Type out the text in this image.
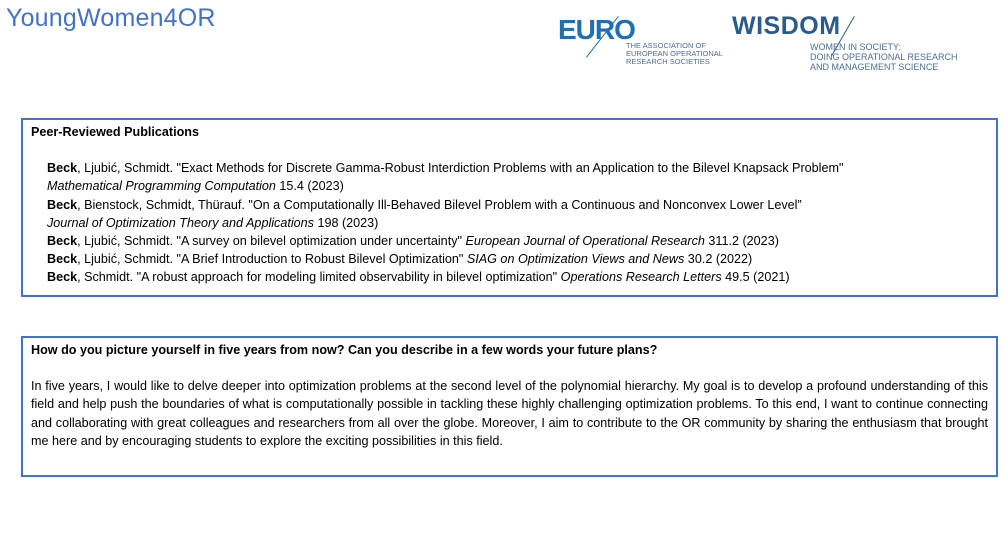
YoungWomen4OR	EURO
THE ASSOCIATION OF
EUROPEAN OPERATIONAL
RESEARCH SOCIETIES
WISDOM
WOMEN IN SOCIETY:
DOING OPERATIONAL RESEARCH
AND MANAGEMENT SCIENCE
Peer-Reviewed Publications
Beck, Ljubić, Schmidt. "Exact Methods for Discrete Gamma-Robust Interdiction Problems with an Application to the Bilevel Knapsack Problem"
Mathematical Programming Computation 15.4 (2023)
Beck, Bienstock, Schmidt, Thürauf. "On a Computationally Ill-Behaved Bilevel Problem with a Continuous and Nonconvex Lower Level”
Journal of Optimization Theory and Applications 198 (2023)
Beck, Ljubić, Schmidt. "A survey on bilevel optimization under uncertainty" European Journal of Operational Research 311.2 (2023)
Beck, Ljubić, Schmidt. "A Brief Introduction to Robust Bilevel Optimization" SIAG on Optimization Views and News 30.2 (2022)
Beck, Schmidt. "A robust approach for modeling limited observability in bilevel optimization" Operations Research Letters 49.5 (2021)
How do you picture yourself in five years from now? Can you describe in a few words your future plans?
In five years, I would like to delve deeper into optimization problems at the second level of the polynomial hierarchy. My goal is to develop a profound understanding of this field and help push the boundaries of what is computationally possible in tackling these highly challenging optimization problems. To this end, I want to continue connecting and collaborating with great colleagues and researchers from all over the globe. Moreover, I aim to contribute to the OR community by sharing the enthusiasm that brought me here and by encouraging students to explore the exciting possibilities in this field.
